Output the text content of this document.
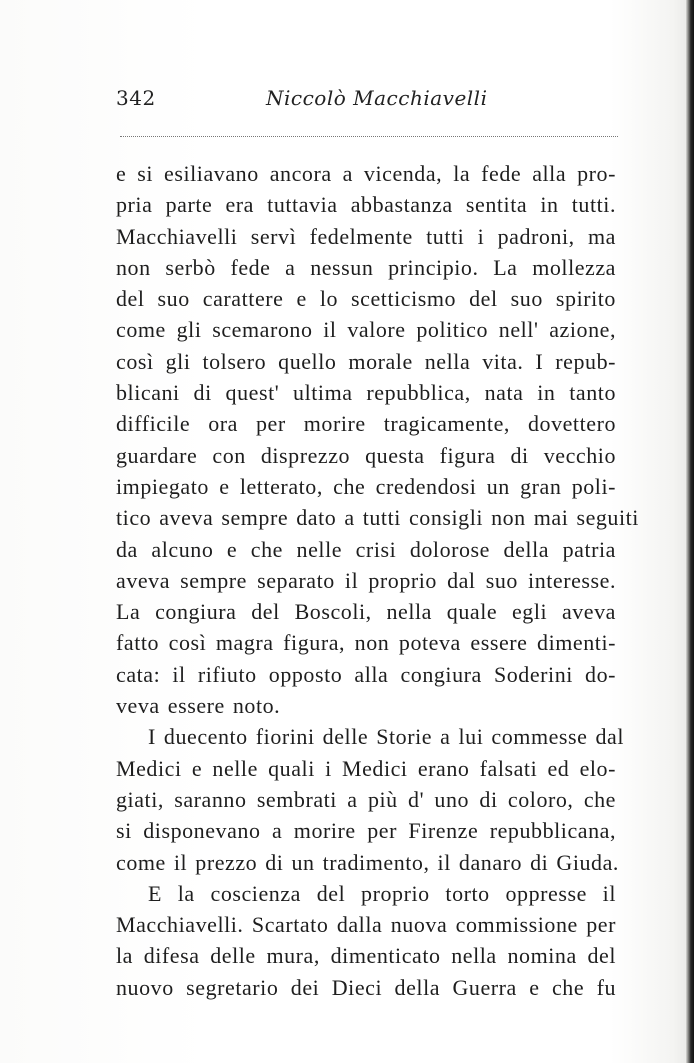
342	Niccolò Macchiavelli
e si esiliavano ancora a vicenda, la fede alla pro-
pria parte era tuttavia abbastanza sentita in tutti.
Macchiavelli servì fedelmente tutti i padroni, ma
non serbò fede a nessun principio. La mollezza
del suo carattere e lo scetticismo del suo spirito
come gli scemarono il valore politico nell' azione,
così gli tolsero quello morale nella vita. I repub-
blicani di quest' ultima repubblica, nata in tanto
difficile ora per morire tragicamente, dovettero
guardare con disprezzo questa figura di vecchio
impiegato e letterato, che credendosi un gran poli-
tico aveva sempre dato a tutti consigli non mai seguiti
da alcuno e che nelle crisi dolorose della patria
aveva sempre separato il proprio dal suo interesse.
La congiura del Boscoli, nella quale egli aveva
fatto così magra figura, non poteva essere dimenti-
cata: il rifiuto opposto alla congiura Soderini do-
veva essere noto.
I duecento fiorini delle Storie a lui commesse dal
Medici e nelle quali i Medici erano falsati ed elo-
giati, saranno sembrati a più d' uno di coloro, che
si disponevano a morire per Firenze repubblicana,
come il prezzo di un tradimento, il danaro di Giuda.
E la coscienza del proprio torto oppresse il
Macchiavelli. Scartato dalla nuova commissione per
la difesa delle mura, dimenticato nella nomina del
nuovo segretario dei Dieci della Guerra e che fu
